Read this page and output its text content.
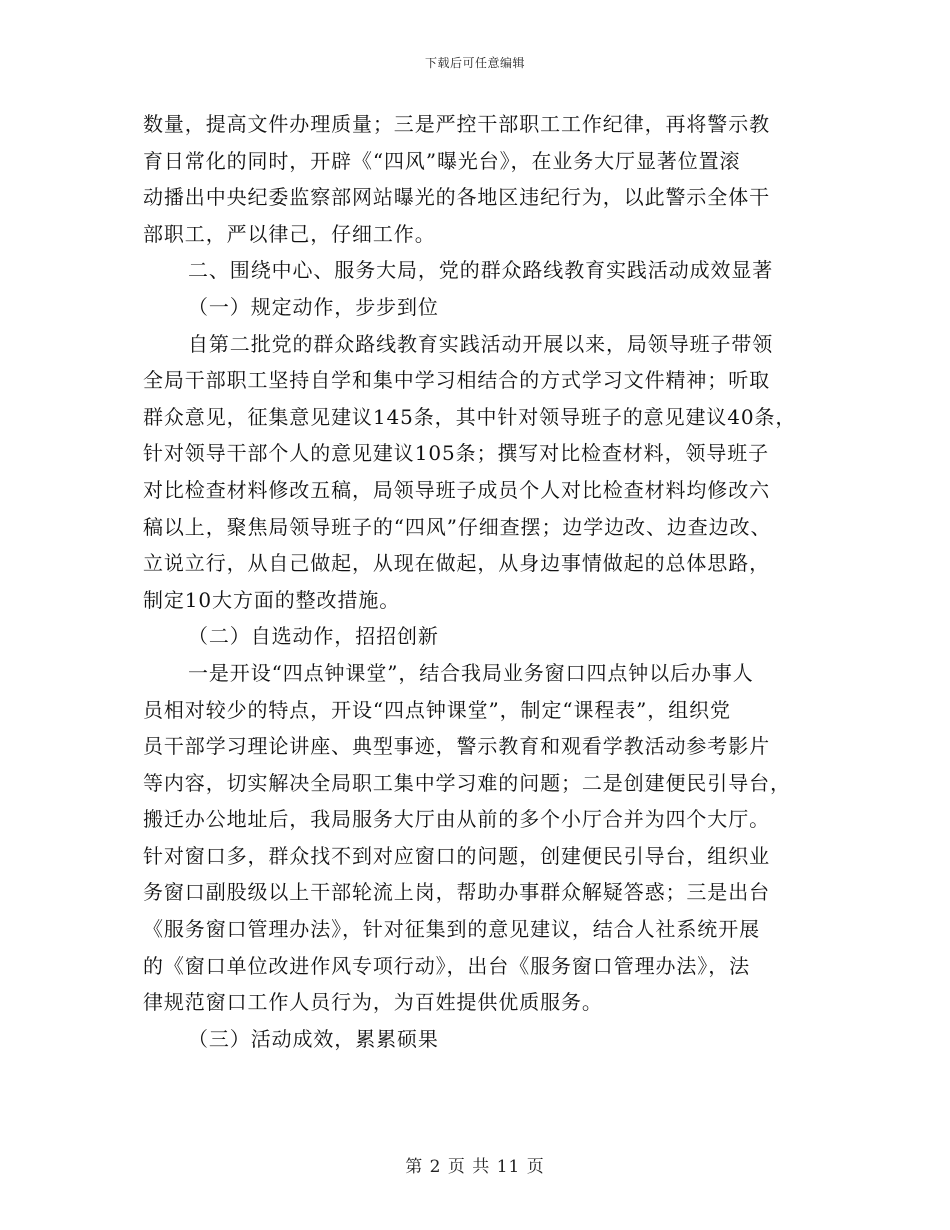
下载后可任意编辑
数量，提高文件办理质量；三是严控干部职工工作纪律，再将警示教
育日常化的同时，开辟《“四风”曝光台》，在业务大厅显著位置滚
动播出中央纪委监察部网站曝光的各地区违纪行为，以此警示全体干
部职工，严以律己，仔细工作。
二、围绕中心、服务大局，党的群众路线教育实践活动成效显著
（一）规定动作，步步到位
自第二批党的群众路线教育实践活动开展以来，局领导班子带领
全局干部职工坚持自学和集中学习相结合的方式学习文件精神；听取
群众意见，征集意见建议145条，其中针对领导班子的意见建议40条，
针对领导干部个人的意见建议105条；撰写对比检查材料，领导班子
对比检查材料修改五稿，局领导班子成员个人对比检查材料均修改六
稿以上，聚焦局领导班子的“四风”仔细查摆；边学边改、边查边改、
立说立行，从自己做起，从现在做起，从身边事情做起的总体思路，
制定10大方面的整改措施。
（二）自选动作，招招创新
一是开设“四点钟课堂”，结合我局业务窗口四点钟以后办事人
员相对较少的特点，开设“四点钟课堂”，制定“课程表”，组织党
员干部学习理论讲座、典型事迹，警示教育和观看学教活动参考影片
等内容，切实解决全局职工集中学习难的问题；二是创建便民引导台，
搬迁办公地址后，我局服务大厅由从前的多个小厅合并为四个大厅。
针对窗口多，群众找不到对应窗口的问题，创建便民引导台，组织业
务窗口副股级以上干部轮流上岗，帮助办事群众解疑答惑；三是出台
《服务窗口管理办法》，针对征集到的意见建议，结合人社系统开展
的《窗口单位改进作风专项行动》，出台《服务窗口管理办法》，法
律规范窗口工作人员行为，为百姓提供优质服务。
（三）活动成效，累累硕果
第 2 页 共 11 页
